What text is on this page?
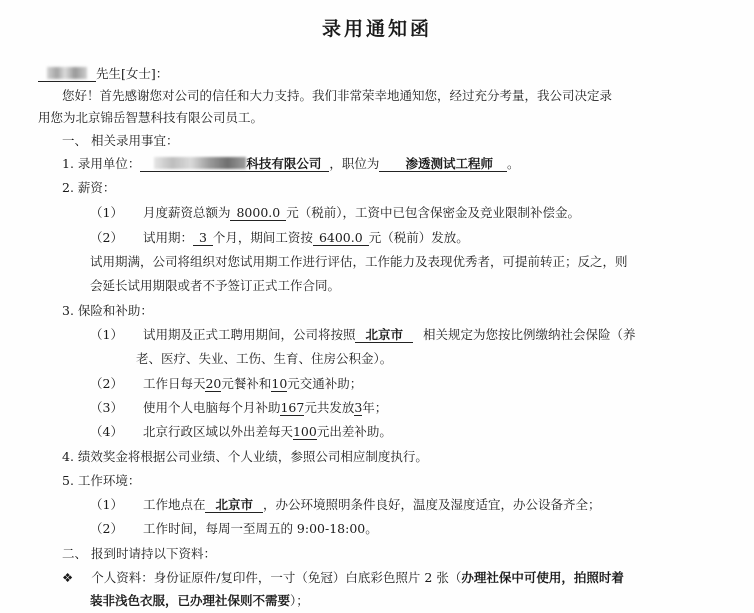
录用通知函
先生[女士]：
您好！首先感谢您对公司的信任和大力支持。我们非常荣幸地通知您，经过充分考量，我公司决定录
用您为北京锦岳智慧科技有限公司员工。
一、 相关录用事宜：
1. 录用单位：	科技有限公司 ，职位为 渗透测试工程师 。
2. 薪资：
（1） 月度薪资总额为 8000.0 元（税前），工资中已包含保密金及竞业限制补偿金。
（2） 试用期： 3 个月，期间工资按 6400.0 元（税前）发放。
试用期满，公司将组织对您试用期工作进行评估，工作能力及表现优秀者，可提前转正；反之，则
会延长试用期限或者不予签订正式工作合同。
3. 保险和补助：
（1） 试用期及正式工聘用期间，公司将按照 北京市 相关规定为您按比例缴纳社会保险（养
老、医疗、失业、工伤、生育、住房公积金）。
（2） 工作日每天20元餐补和10元交通补助；
（3） 使用个人电脑每个月补助167元共发放3年；
（4） 北京行政区域以外出差每天100元出差补助。
4. 绩效奖金将根据公司业绩、个人业绩，参照公司相应制度执行。
5. 工作环境：
（1） 工作地点在 北京市 ，办公环境照明条件良好，温度及湿度适宜，办公设备齐全；
（2） 工作时间，每周一至周五的 9:00-18:00。
二、 报到时请持以下资料：
❖ 个人资料：身份证原件/复印件，一寸（免冠）白底彩色照片 2 张（办理社保中可使用，拍照时着
装非浅色衣服，已办理社保则不需要）；
